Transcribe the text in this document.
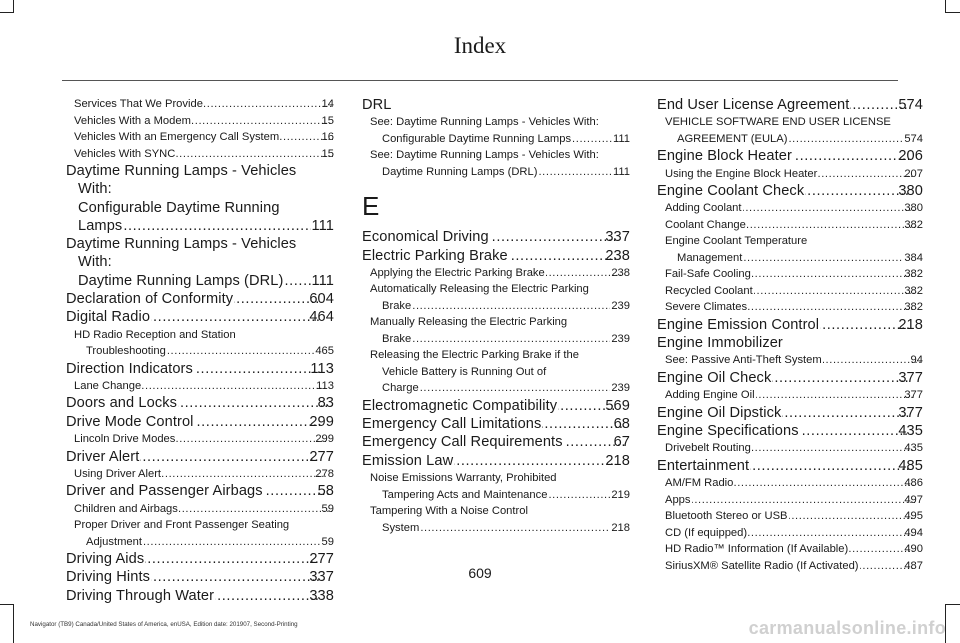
Index
Services That We Provide .....	14
Vehicles With a Modem .....	15
Vehicles With an Emergency Call System .....	16
Vehicles With SYNC .....	15
Daytime Running Lamps - Vehicles With:
Configurable Daytime Running
Lamps .....	111
Daytime Running Lamps - Vehicles With:
Daytime Running Lamps (DRL) ..... 111
Declaration of Conformity .....	604
Digital Radio .....	464
HD Radio Reception and Station
Troubleshooting .....	465
Direction Indicators .....	113
Lane Change .....	113
Doors and Locks .....	83
Drive Mode Control .....	299
Lincoln Drive Modes .....	299
Driver Alert .....	277
Using Driver Alert .....	278
Driver and Passenger Airbags .....	58
Children and Airbags .....	59
Proper Driver and Front Passenger Seating
Adjustment .....	59
Driving Aids .....	277
Driving Hints .....	337
Driving Through Water .....	338
DRL
See: Daytime Running Lamps - Vehicles With:
Configurable Daytime Running Lamps .....	111
See: Daytime Running Lamps - Vehicles With:
Daytime Running Lamps (DRL) .....	111
E
Economical Driving .....	337
Electric Parking Brake .....	238
Applying the Electric Parking Brake .....	238
Automatically Releasing the Electric Parking
Brake .....	239
Manually Releasing the Electric Parking
Brake .....	239
Releasing the Electric Parking Brake if the
Vehicle Battery is Running Out of
Charge .....	239
Electromagnetic Compatibility .....	569
Emergency Call Limitations .....	68
Emergency Call Requirements .....	67
Emission Law .....	218
Noise Emissions Warranty, Prohibited
Tampering Acts and Maintenance .....	219
Tampering With a Noise Control
System .....	218
End User License Agreement .....	574
VEHICLE SOFTWARE END USER LICENSE
AGREEMENT (EULA) .....	574
Engine Block Heater .....	206
Using the Engine Block Heater .....	207
Engine Coolant Check .....	380
Adding Coolant .....	380
Coolant Change .....	382
Engine Coolant Temperature
Management .....	384
Fail-Safe Cooling .....	382
Recycled Coolant .....	382
Severe Climates .....	382
Engine Emission Control .....	218
Engine Immobilizer
See: Passive Anti-Theft System .....	94
Engine Oil Check .....	377
Adding Engine Oil .....	377
Engine Oil Dipstick .....	377
Engine Specifications .....	435
Drivebelt Routing .....	435
Entertainment .....	485
AM/FM Radio .....	486
Apps .....	497
Bluetooth Stereo or USB .....	495
CD (If equipped) .....	494
HD Radio™ Information (If Available) .....	490
SiriusXM® Satellite Radio (If Activated) .....	487
609
Navigator (TB9) Canada/United States of America, enUSA, Edition date: 201907, Second-Printing	carmanualsonline.info
